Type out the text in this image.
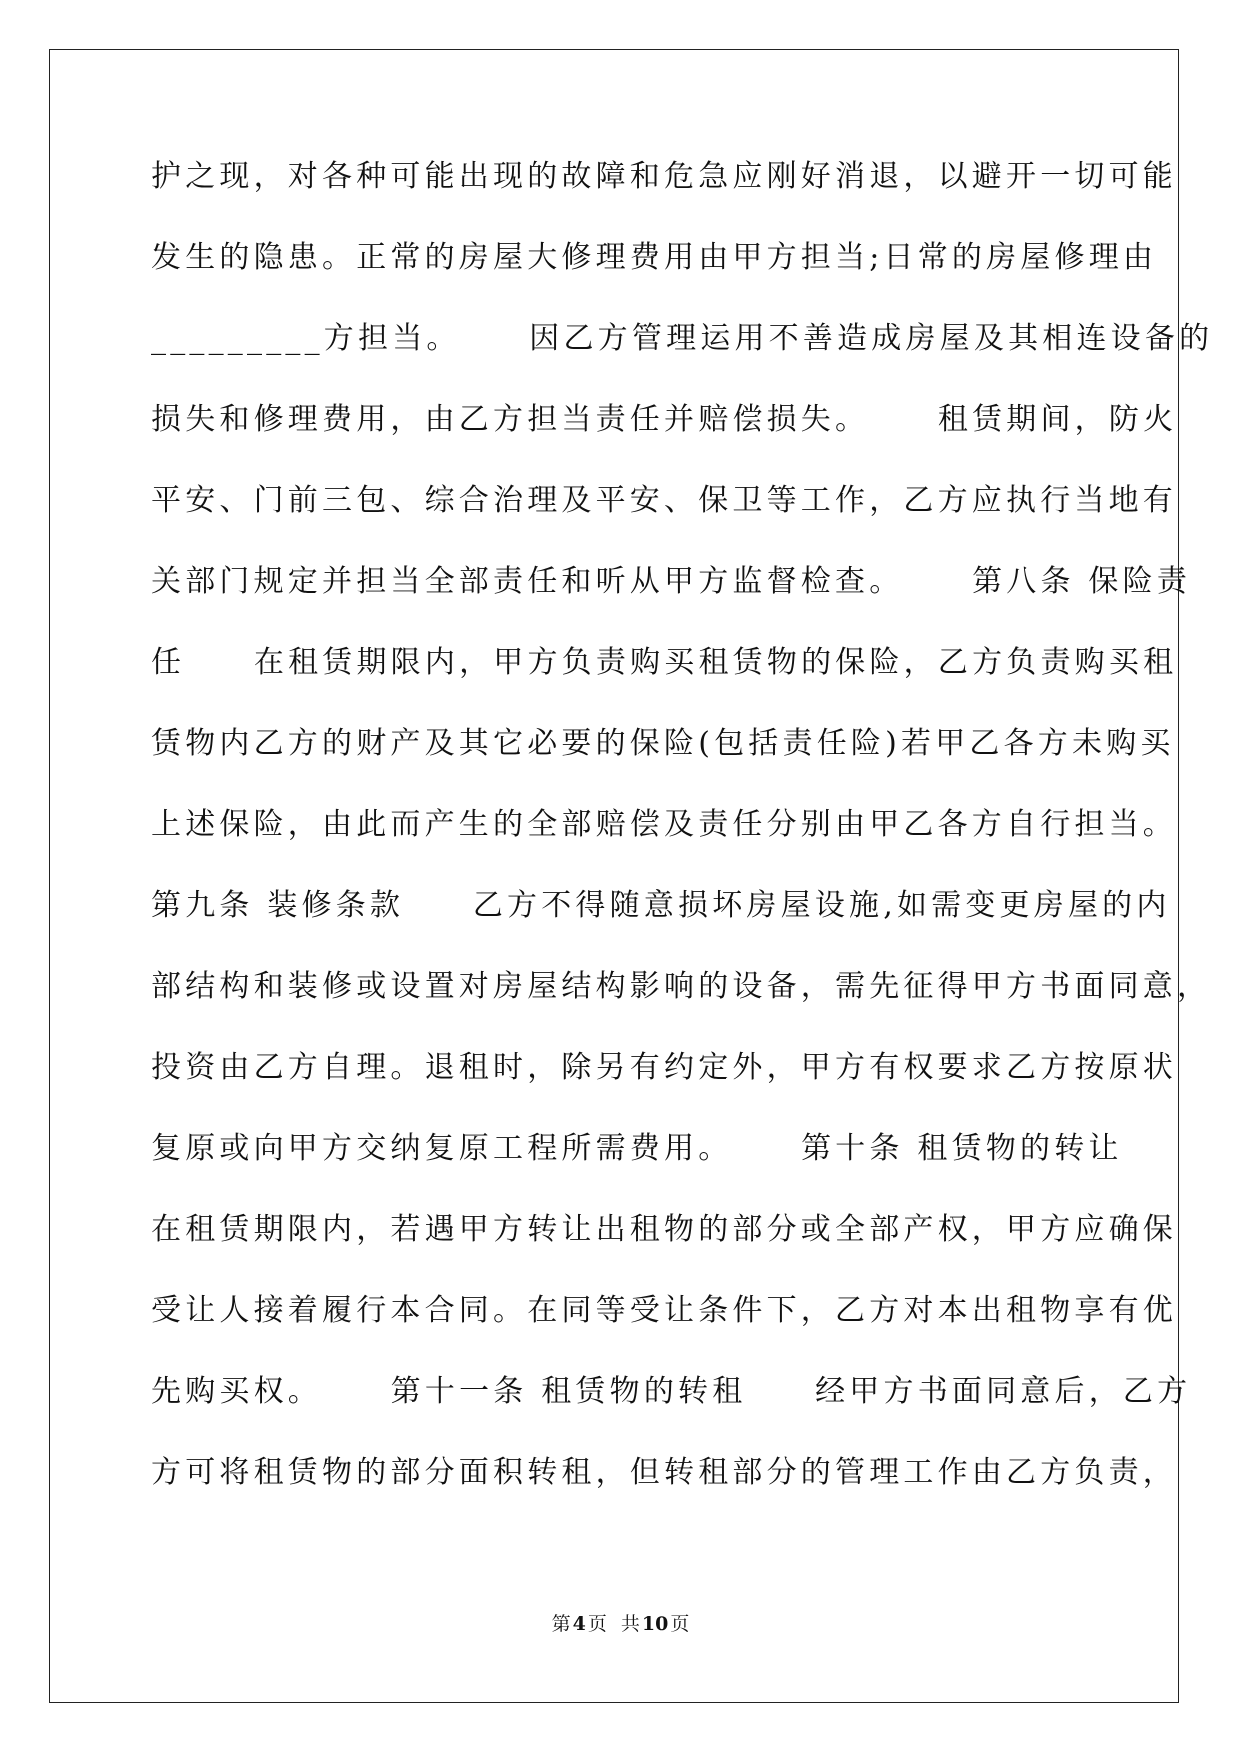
护之现，对各种可能出现的故障和危急应刚好消退，以避开一切可能
发生的隐患。正常的房屋大修理费用由甲方担当;日常的房屋修理由
_________方担当。     因乙方管理运用不善造成房屋及其相连设备的
损失和修理费用，由乙方担当责任并赔偿损失。     租赁期间，防火
平安、门前三包、综合治理及平安、保卫等工作，乙方应执行当地有
关部门规定并担当全部责任和听从甲方监督检查。     第八条 保险责
任     在租赁期限内，甲方负责购买租赁物的保险，乙方负责购买租
赁物内乙方的财产及其它必要的保险(包括责任险)若甲乙各方未购买
上述保险，由此而产生的全部赔偿及责任分别由甲乙各方自行担当。
第九条 装修条款     乙方不得随意损坏房屋设施,如需变更房屋的内
部结构和装修或设置对房屋结构影响的设备，需先征得甲方书面同意，
投资由乙方自理。退租时，除另有约定外，甲方有权要求乙方按原状
复原或向甲方交纳复原工程所需费用。     第十条 租赁物的转让
在租赁期限内，若遇甲方转让出租物的部分或全部产权，甲方应确保
受让人接着履行本合同。在同等受让条件下，乙方对本出租物享有优
先购买权。     第十一条 租赁物的转租     经甲方书面同意后，乙方
方可将租赁物的部分面积转租，但转租部分的管理工作由乙方负责，
第 4 页 共 10 页
